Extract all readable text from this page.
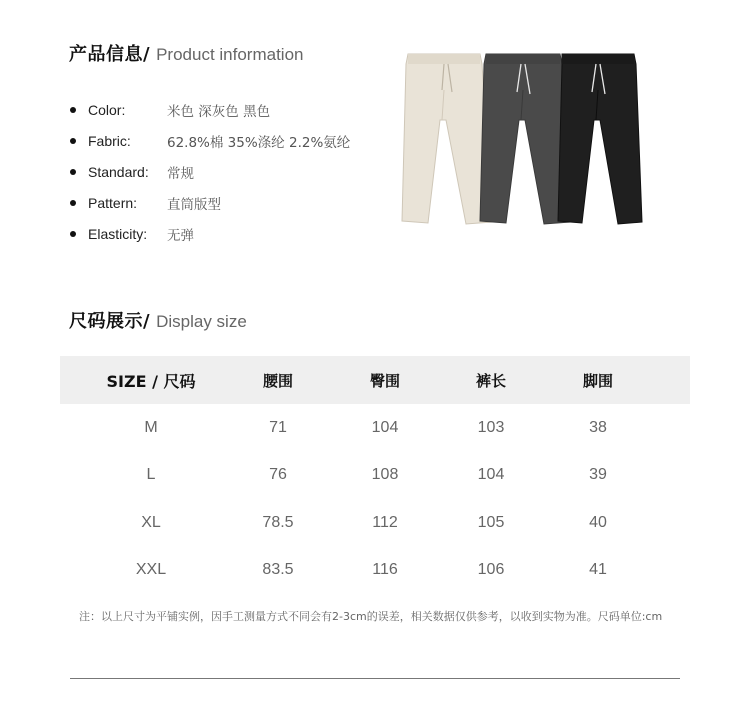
产品信息/ Product information
Color:	米色 深灰色 黑色
Fabric:	62.8%棉 35%涤纶 2.2%氨纶
Standard:	常规
Pattern:	直筒版型
Elasticity:	无弹
尺码展示/ Display size
SIZE / 尺码	腰围	臀围	裤长	脚围
M	71	104	103	38
L	76	108	104	39
XL	78.5	112	105	40
XXL	83.5	116	106	41
注：以上尺寸为平铺实例，因手工测量方式不同会有2-3cm的误差，相关数据仅供参考，以收到实物为准。尺码单位:cm
